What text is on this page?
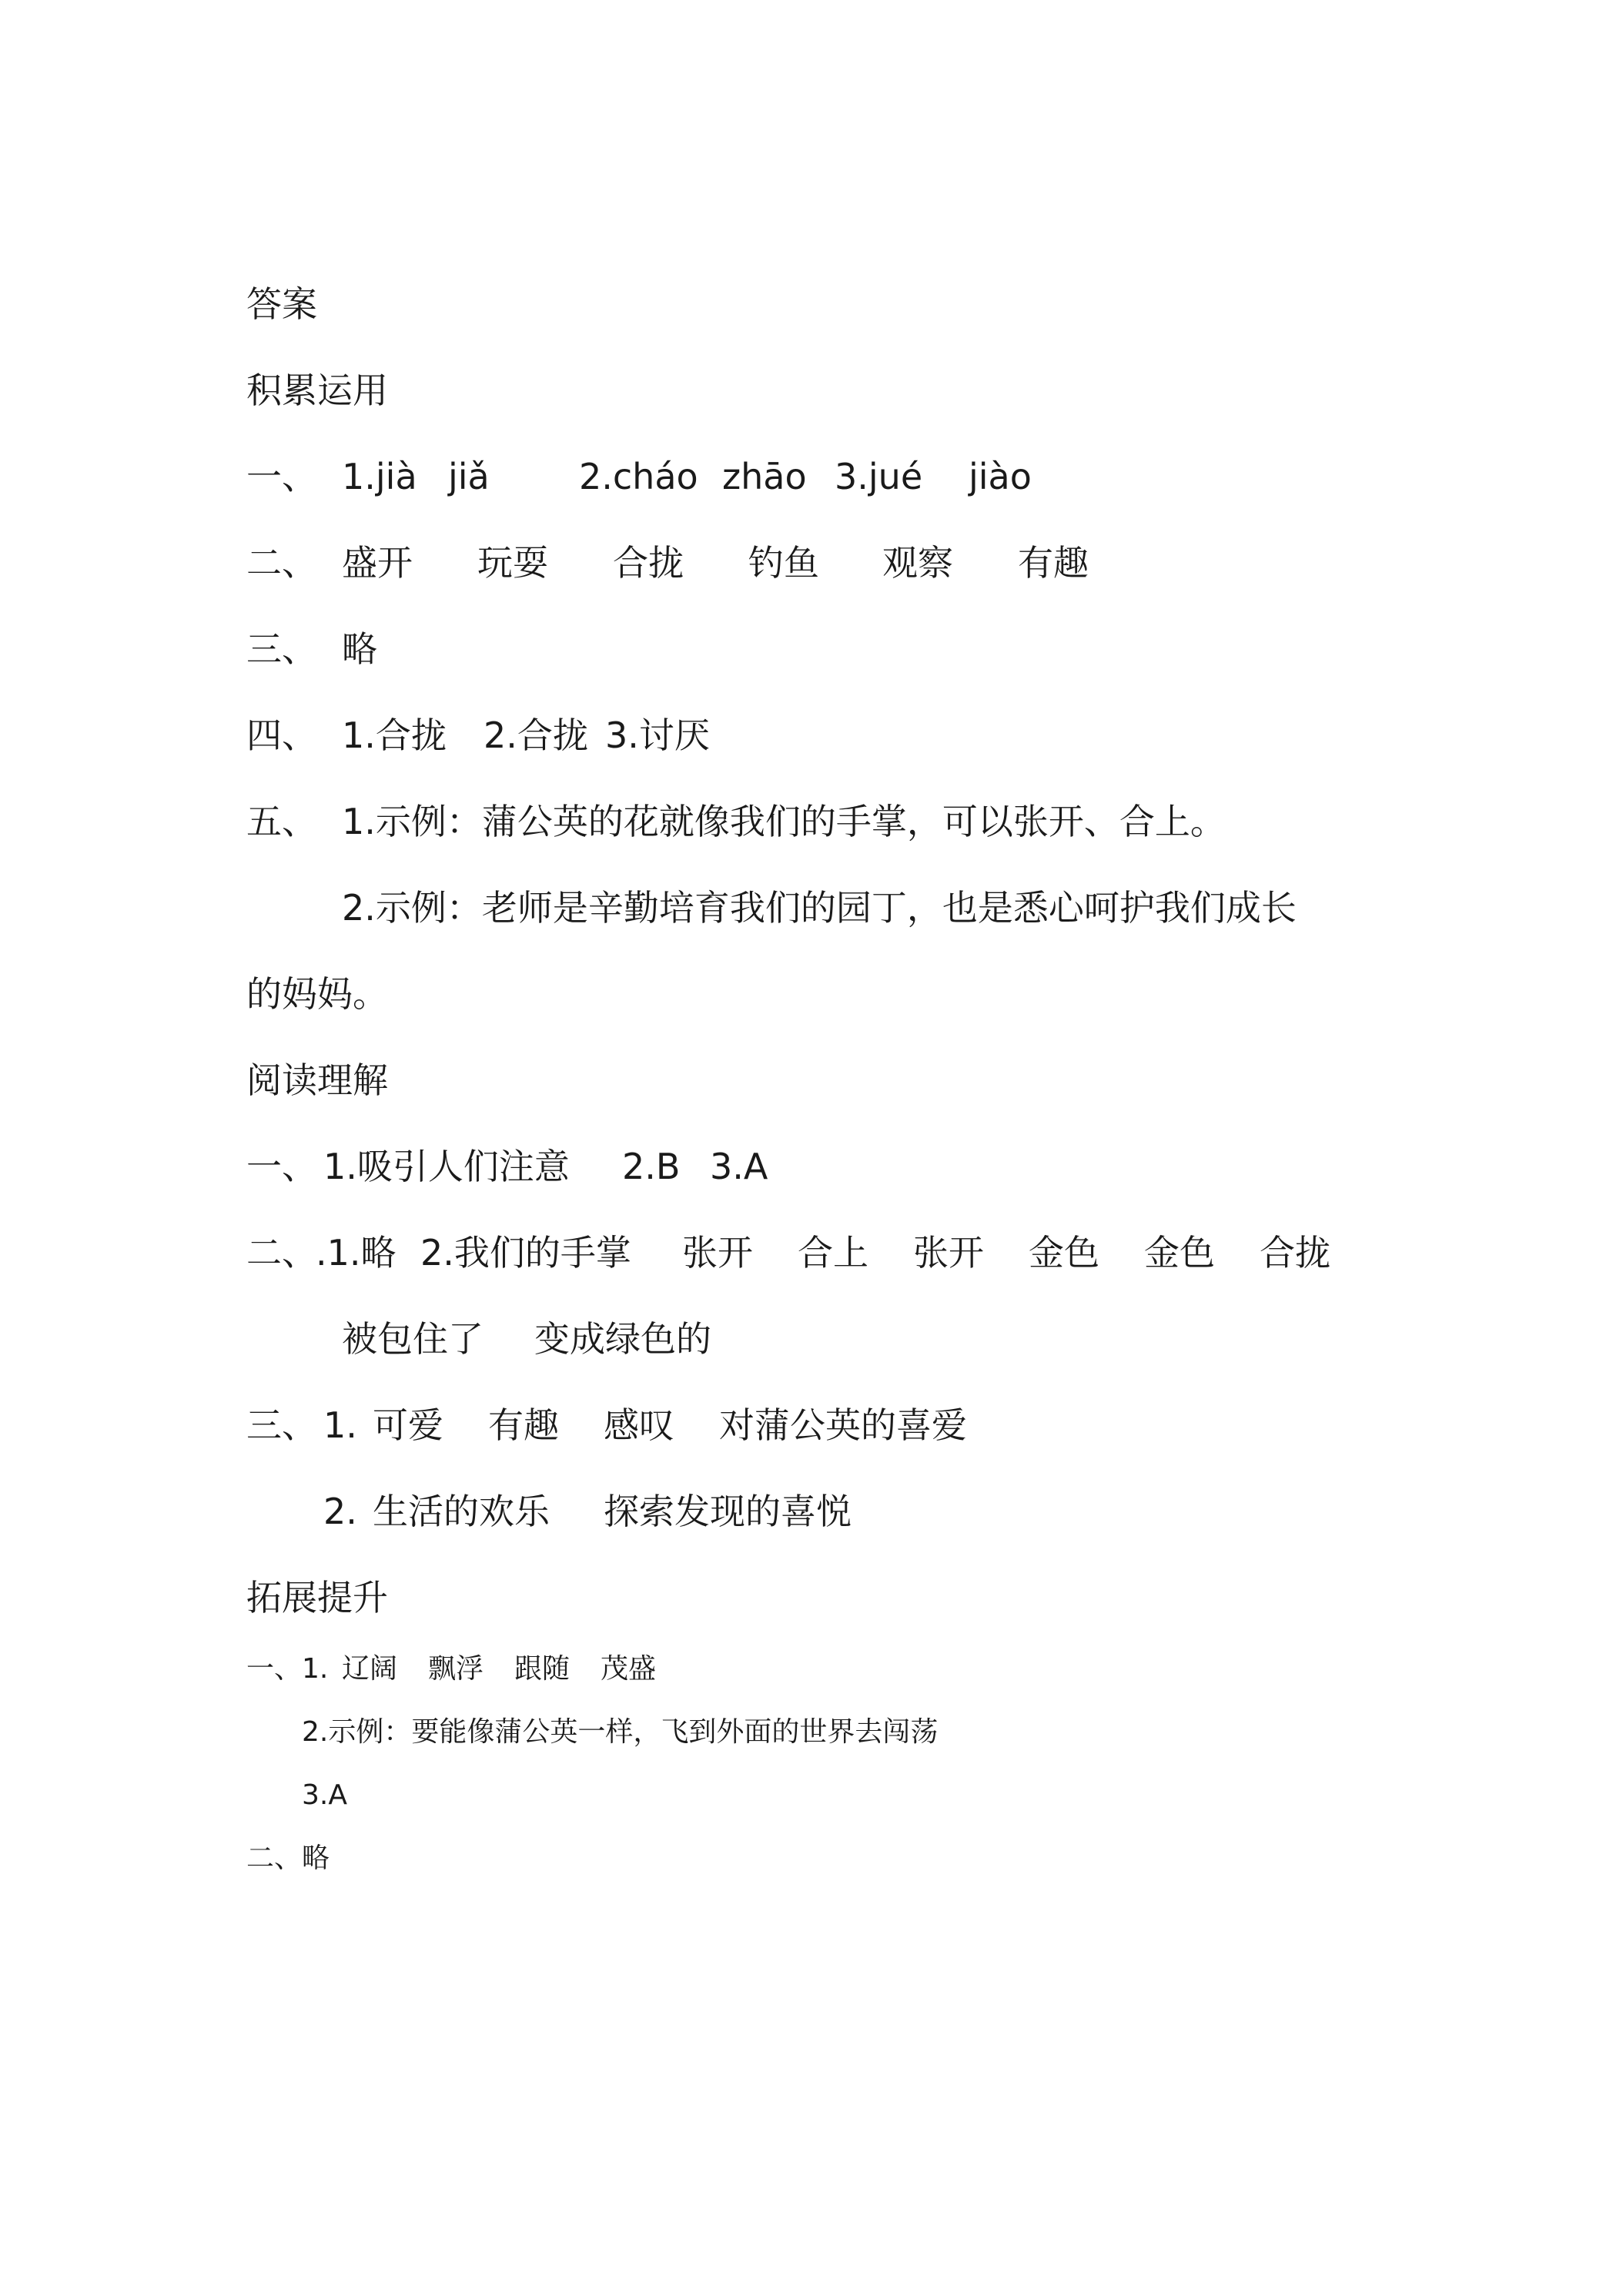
答案
积累运用
一、 1.jià jiǎ	2.cháo zhāo 3.jué jiào
二、 盛开 玩耍 合拢 钓鱼 观察 有趣
三、 略
四、 1.合拢 2.合拢 3.讨厌
五、 1.示例：蒲公英的花就像我们的手掌，可以张开、合上。
2.示例：老师是辛勤培育我们的园丁，也是悉心呵护我们成长
的妈妈。
阅读理解
一、 1.吸引人们注意 2.B 3.A
二、
.1.略 2.我们的手掌 张开 合上 张开 金色 金色 合拢
被包住了 变成绿色的
三、 1. 可爱 有趣 感叹 对蒲公英的喜爱
2. 生活的欢乐 探索发现的喜悦
拓展提升
一、 1. 辽阔 飘浮 跟随 茂盛
2.示例：要能像蒲公英一样，飞到外面的世界去闯荡
3.A
二、 略
